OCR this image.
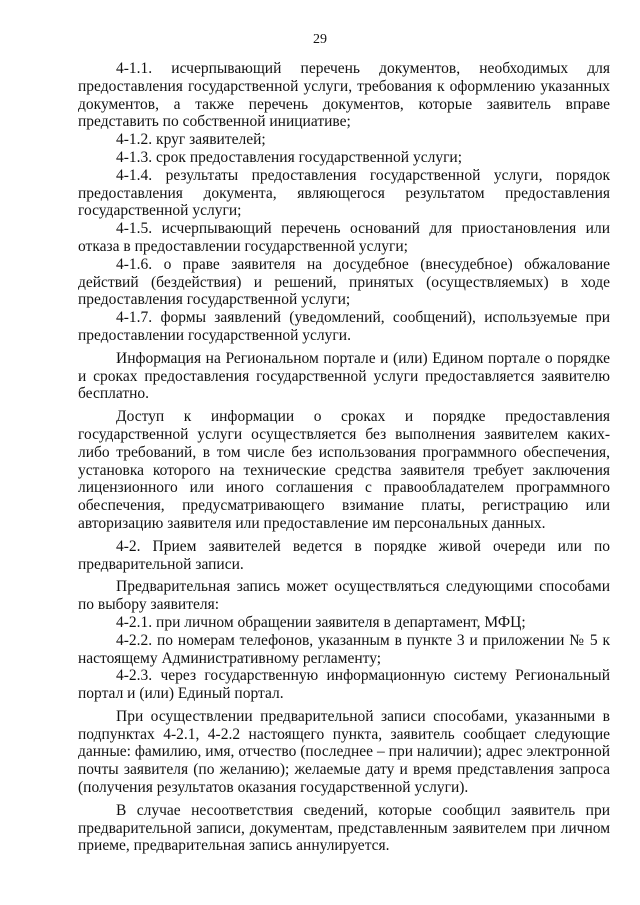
29

4-1.1. исчерпывающий перечень документов, необходимых для предоставления государственной услуги, требования к оформлению указанных документов, а также перечень документов, которые заявитель вправе представить по собственной инициативе;

4-1.2. круг заявителей;

4-1.3. срок предоставления государственной услуги;

4-1.4. результаты предоставления государственной услуги, порядок предоставления документа, являющегося результатом предоставления государственной услуги;

4-1.5. исчерпывающий перечень оснований для приостановления или отказа в предоставлении государственной услуги;

4-1.6. о праве заявителя на досудебное (внесудебное) обжалование действий (бездействия) и решений, принятых (осуществляемых) в ходе предоставления государственной услуги;

4-1.7. формы заявлений (уведомлений, сообщений), используемые при предоставлении государственной услуги.

Информация на Региональном портале и (или) Едином портале о порядке и сроках предоставления государственной услуги предоставляется заявителю бесплатно.

Доступ к информации о сроках и порядке предоставления государственной услуги осуществляется без выполнения заявителем каких-либо требований, в том числе без использования программного обеспечения, установка которого на технические средства заявителя требует заключения лицензионного или иного соглашения с правообладателем программного обеспечения, предусматривающего взимание платы, регистрацию или авторизацию заявителя или предоставление им персональных данных.

4-2. Прием заявителей ведется в порядке живой очереди или по предварительной записи.

Предварительная запись может осуществляться следующими способами по выбору заявителя:

4-2.1. при личном обращении заявителя в департамент, МФЦ;

4-2.2. по номерам телефонов, указанным в пункте 3 и приложении № 5 к настоящему Административному регламенту;

4-2.3. через государственную информационную систему Региональный портал и (или) Единый портал.

При осуществлении предварительной записи способами, указанными в подпунктах 4-2.1, 4-2.2 настоящего пункта, заявитель сообщает следующие данные: фамилию, имя, отчество (последнее – при наличии); адрес электронной почты заявителя (по желанию); желаемые дату и время представления запроса (получения результатов оказания государственной услуги).

В случае несоответствия сведений, которые сообщил заявитель при предварительной записи, документам, представленным заявителем при личном приеме, предварительная запись аннулируется.
